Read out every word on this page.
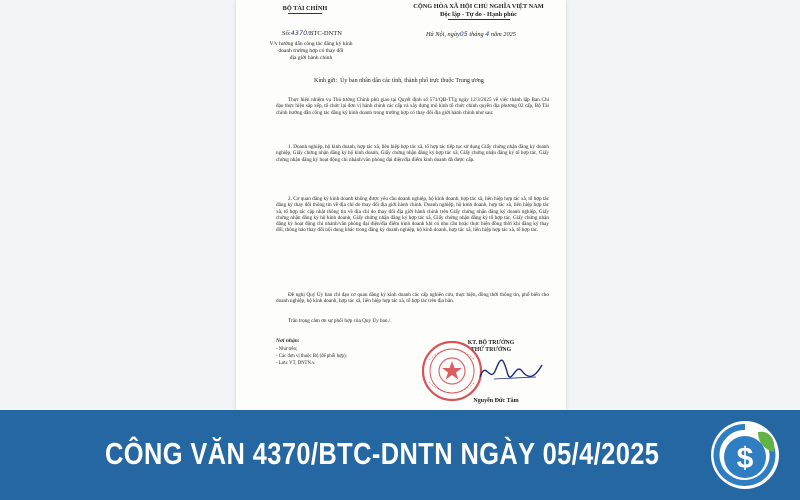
BỘ TÀI CHÍNH	CỘNG HÒA XÃ HỘI CHỦ NGHĨA VIỆT NAM
Độc lập - Tự do - Hạnh phúc
Số:4370/BTC-DNTN
V/v hướng dẫn công tác đăng ký kinh
doanh trường hợp có thay đổi
địa giới hành chính
Hà Nội, ngày05 tháng 4 năm 2025
Kính gửi: Ủy ban nhân dân các tỉnh, thành phố trực thuộc Trung ương
Thực hiện nhiệm vụ Thủ tướng Chính phủ giao tại Quyết định số 571/QĐ-TTg ngày 12/3/2025 về việc thành lập Ban Chỉ đạo thực hiện sắp xếp, tổ chức lại đơn vị hành chính các cấp và xây dựng mô hình tổ chức chính quyền địa phương 02 cấp, Bộ Tài chính hướng dẫn công tác đăng ký kinh doanh trong trường hợp có thay đổi địa giới hành chính như sau:
1. Doanh nghiệp, hộ kinh doanh, hợp tác xã, liên hiệp hợp tác xã, tổ hợp tác tiếp tục sử dụng Giấy chứng nhận đăng ký doanh nghiệp, Giấy chứng nhận đăng ký hộ kinh doanh, Giấy chứng nhận đăng ký hợp tác xã, Giấy chứng nhận đăng ký tổ hợp tác, Giấy chứng nhận đăng ký hoạt động chi nhánh/văn phòng đại diện/địa điểm kinh doanh đã được cấp.
2. Cơ quan đăng ký kinh doanh không được yêu cầu doanh nghiệp, hộ kinh doanh, hợp tác xã, liên hiệp hợp tác xã, tổ hợp tác đăng ký thay đổi thông tin về địa chỉ do thay đổi địa giới hành chính. Doanh nghiệp, hộ kinh doanh, hợp tác xã, liên hiệp hợp tác xã, tổ hợp tác cập nhật thông tin về địa chỉ do thay đổi địa giới hành chính trên Giấy chứng nhận đăng ký doanh nghiệp, Giấy chứng nhận đăng ký hộ kinh doanh, Giấy chứng nhận đăng ký hợp tác xã, Giấy chứng nhận đăng ký tổ hợp tác, Giấy chứng nhận đăng ký hoạt động chi nhánh/văn phòng đại diện/địa điểm kinh doanh khi có nhu cầu hoặc thực hiện đồng thời khi đăng ký thay đổi, thông báo thay đổi nội dung khác trong đăng ký doanh nghiệp, hộ kinh doanh, hợp tác xã, liên hiệp hợp tác xã, tổ hợp tác.
Đề nghị Quý Ủy ban chỉ đạo cơ quan đăng ký kinh doanh các cấp nghiên cứu, thực hiện, đồng thời thông tin, phổ biến cho doanh nghiệp, hộ kinh doanh, hợp tác xã, liên hiệp hợp tác xã, tổ hợp tác trên địa bàn.
Trân trọng cảm ơn sự phối hợp của Quý Ủy ban./.
Nơi nhận:
- Như trên;
- Các đơn vị thuộc Bộ (để phối hợp);
- Lưu: VT, DNTN.v.
KT. BỘ TRƯỞNG
THỨ TRƯỞNG
Nguyễn Đức Tâm
CÔNG VĂN 4370/BTC-DNTN NGÀY 05/4/2025	$
